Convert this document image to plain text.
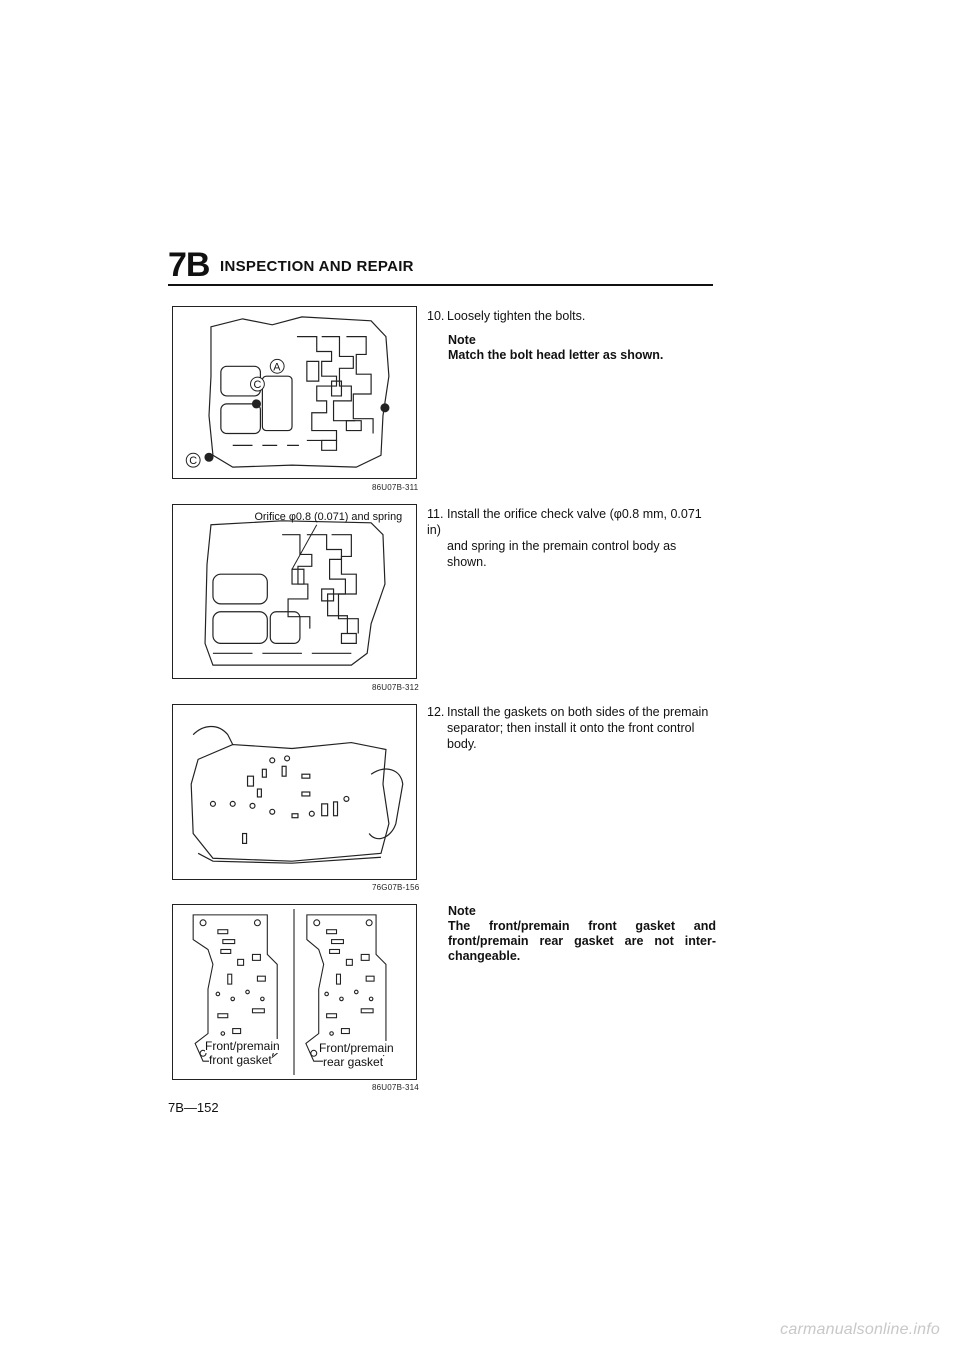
7B INSPECTION AND REPAIR
A
C
C
86U07B-311
Orifice φ0.8 (0.071) and spring
86U07B-312
76G07B-156
Front/premain
front gasket
Front/premain
rear gasket
86U07B-314
10. Loosely tighten the bolts.
Note
Match the bolt head letter as shown.
11. Install the orifice check valve (φ0.8 mm, 0.071 in)
and spring in the premain control body as shown.
12. Install the gaskets on both sides of the premain
separator; then install it onto the front control body.
Note
The front/premain front gasket and front/premain rear gasket are not inter-changeable.
7B—152
carmanualsonline.info
